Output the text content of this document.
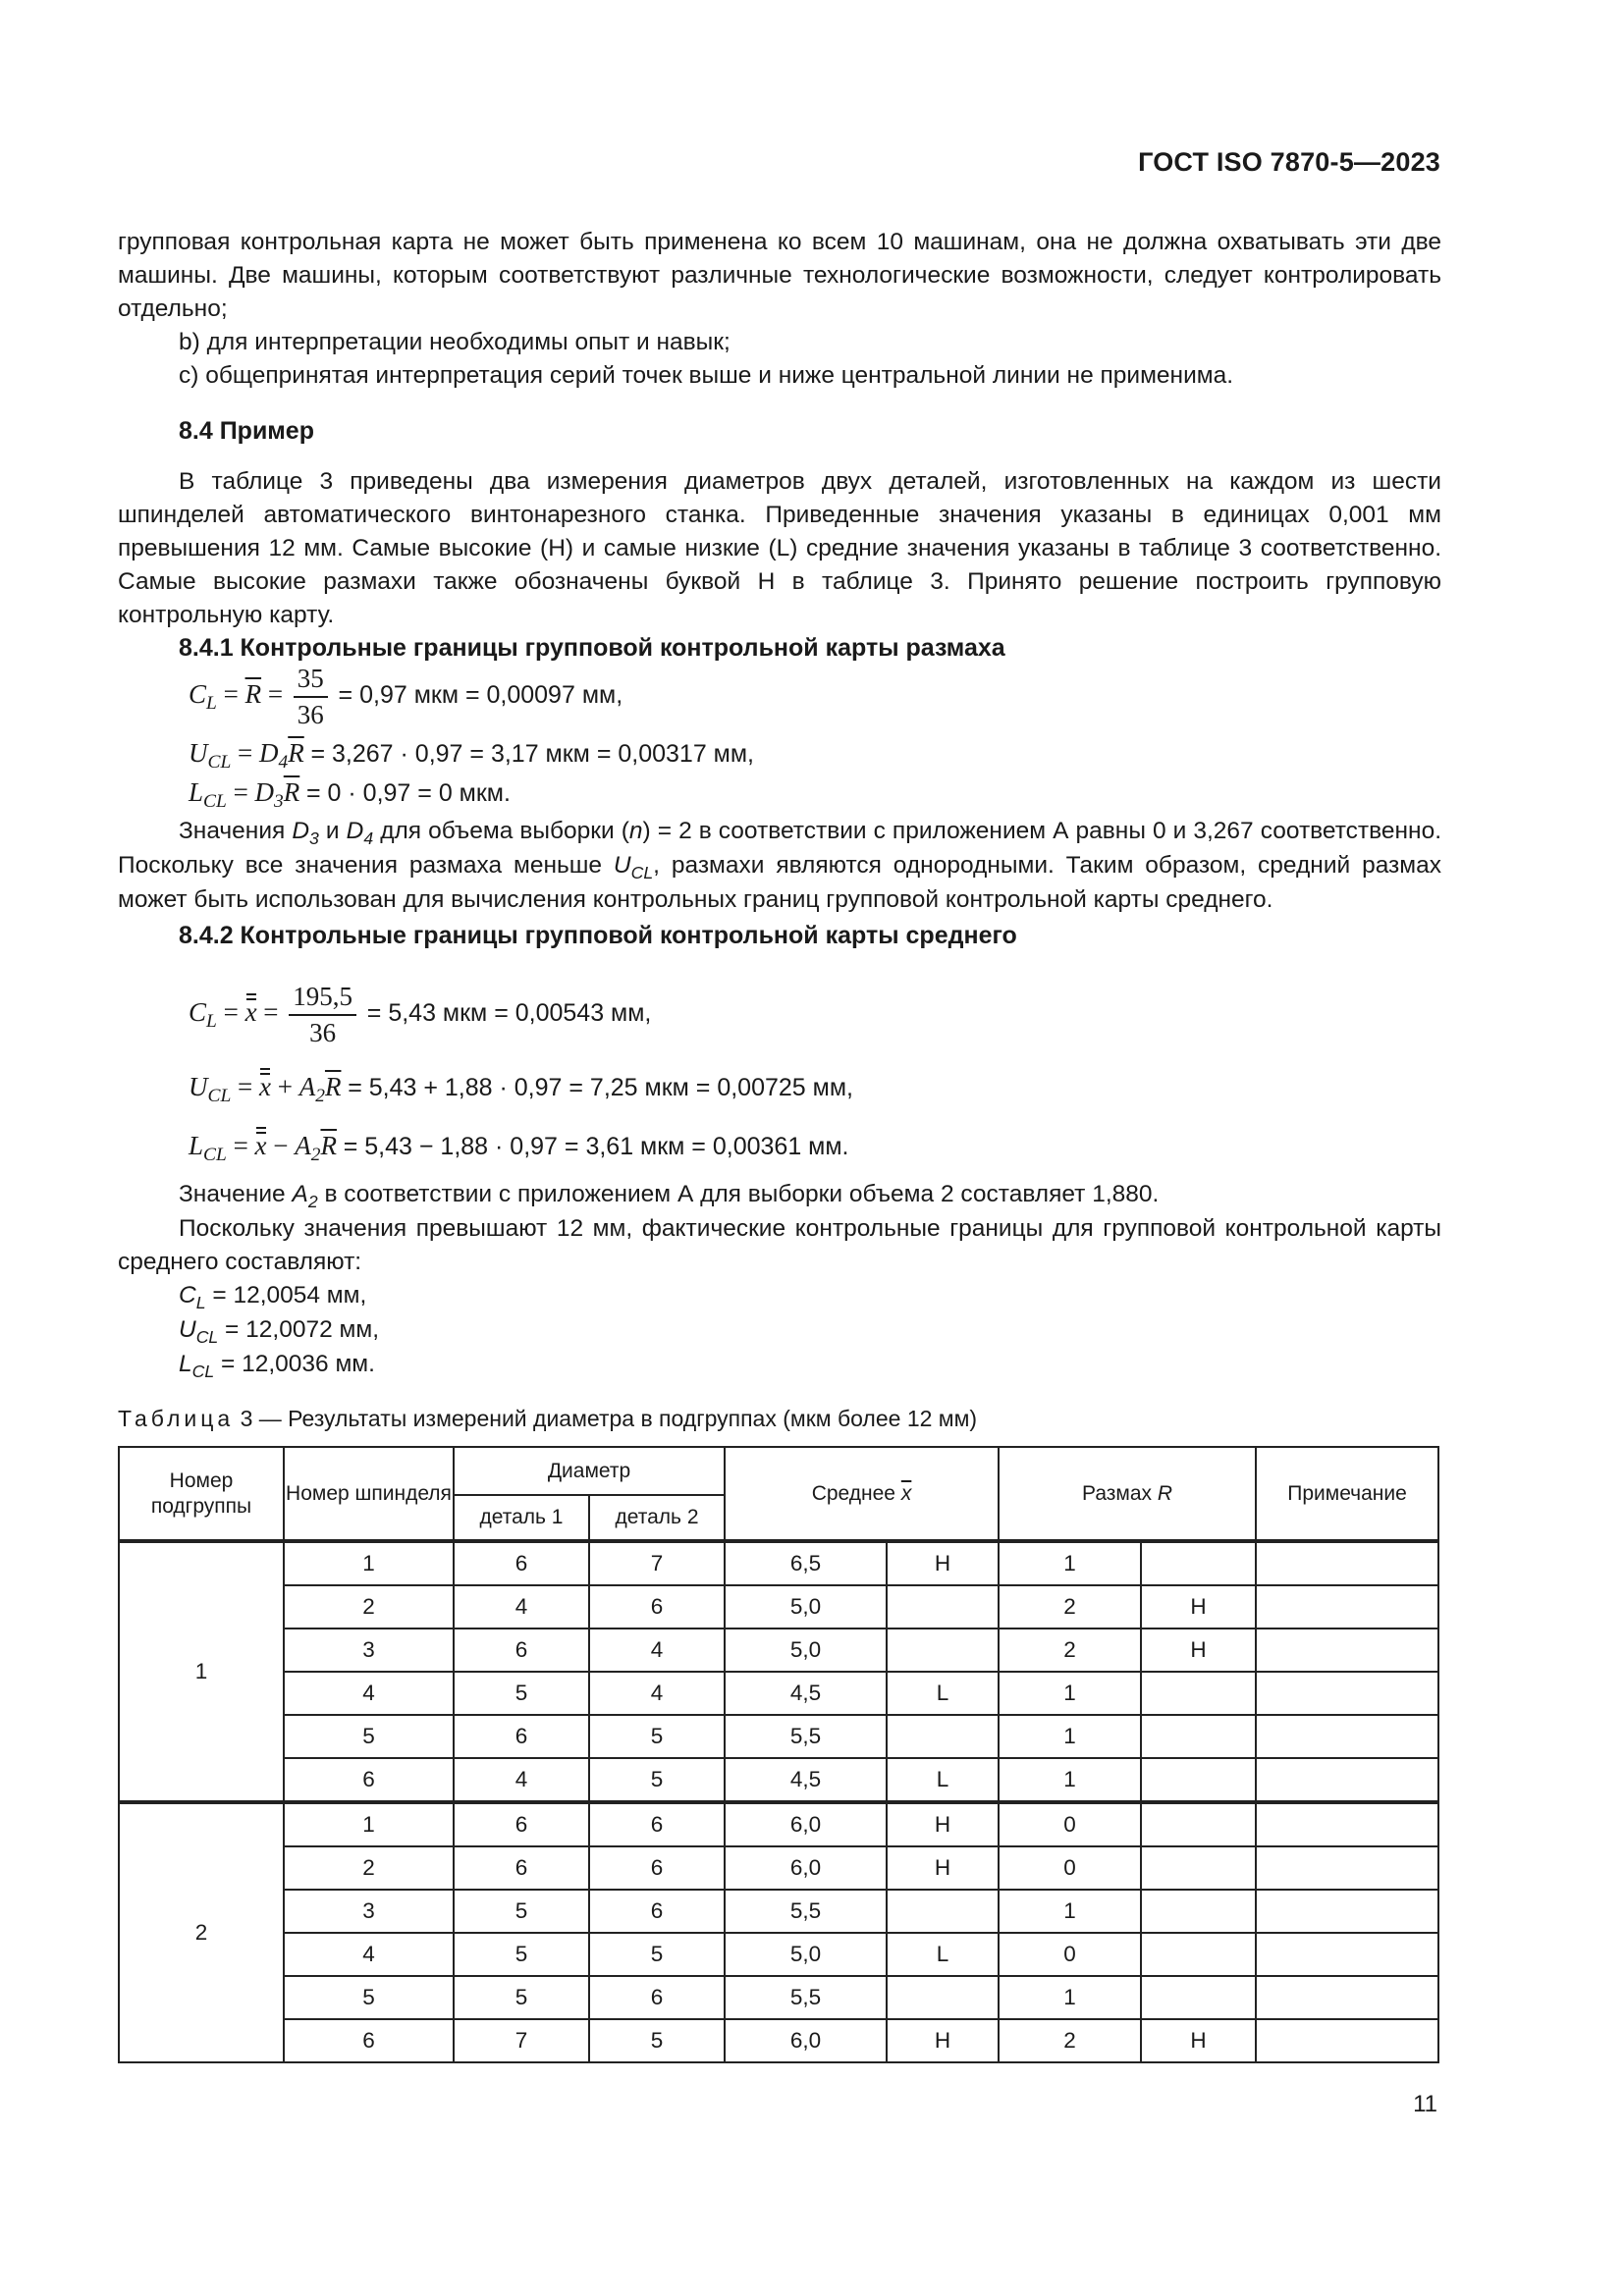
ГОСТ ISO 7870-5—2023

групповая контрольная карта не может быть применена ко всем 10 машинам, она не должна охватывать эти две машины. Две машины, которым соответствуют различные технологические возможности, следует контролировать отдельно;

b) для интерпретации необходимы опыт и навык;

c) общепринятая интерпретация серий точек выше и ниже центральной линии не применима.

8.4 Пример

В таблице 3 приведены два измерения диаметров двух деталей, изготовленных на каждом из шести шпинделей автоматического винтонарезного станка. Приведенные значения указаны в единицах 0,001 мм превышения 12 мм. Самые высокие (H) и самые низкие (L) средние значения указаны в таблице 3 соответственно. Самые высокие размахи также обозначены буквой H в таблице 3. Принято решение построить групповую контрольную карту.

8.4.1 Контрольные границы групповой контрольной карты размаха

$C_L = \overline{R} = \frac{35}{36} = 0,97$ мкм = 0,00097 мм,
$U_{CL} = D_4\overline{R} = 3,267 \cdot 0,97 = 3,17$ мкм = 0,00317 мм,
$L_{CL} = D_3\overline{R} = 0 \cdot 0,97 = 0$ мкм.

Значения $D_3$ и $D_4$ для объема выборки (n) = 2 в соответствии с приложением А равны 0 и 3,267 соответственно. Поскольку все значения размаха меньше $U_{CL}$, размахи являются однородными. Таким образом, средний размах может быть использован для вычисления контрольных границ групповой контрольной карты среднего.

8.4.2 Контрольные границы групповой контрольной карты среднего

$C_L = x = \frac{195,5}{36} = 5,43$ мкм = 0,00543 мм,
$U_{CL} = x + A_2\overline{R} = 5,43 + 1,88 \cdot 0,97 = 7,25$ мкм = 0,00725 мм,
$L_{CL} = x - A_2\overline{R} = 5,43 - 1,88 \cdot 0,97 = 3,61$ мкм = 0,00361 мм.

Значение $A_2$ в соответствии с приложением А для выборки объема 2 составляет 1,880.

Поскольку значения превышают 12 мм, фактические контрольные границы для групповой контрольной карты среднего составляют:

$C_L = 12,0054$ мм,

$U_{CL} = 12,0072$ мм,

$L_{CL} = 12,0036$ мм.

Таблица 3 — Результаты измерений диаметра в подгруппах (мкм более 12 мм)
Номер подгруппы	Номер шпинделя	Диаметр		Среднее $\overline{x}$		Размах R		Примечание
		деталь 1	деталь 2					
1	1	6	7	6,5	H	1		
	2	4	6	5,0		2	H	
	3	6	4	5,0		2	H	
	4	5	4	4,5	L	1		
	5	6	5	5,5		1		
	6	4	5	4,5	L	1		
2	1	6	6	6,0	H	0		
	2	6	6	6,0	H	0		
	3	5	6	5,5		1		
	4	5	5	5,0	L	0		
	5	5	6	5,5		1		
	6	7	5	6,0	H	2	H	
11
